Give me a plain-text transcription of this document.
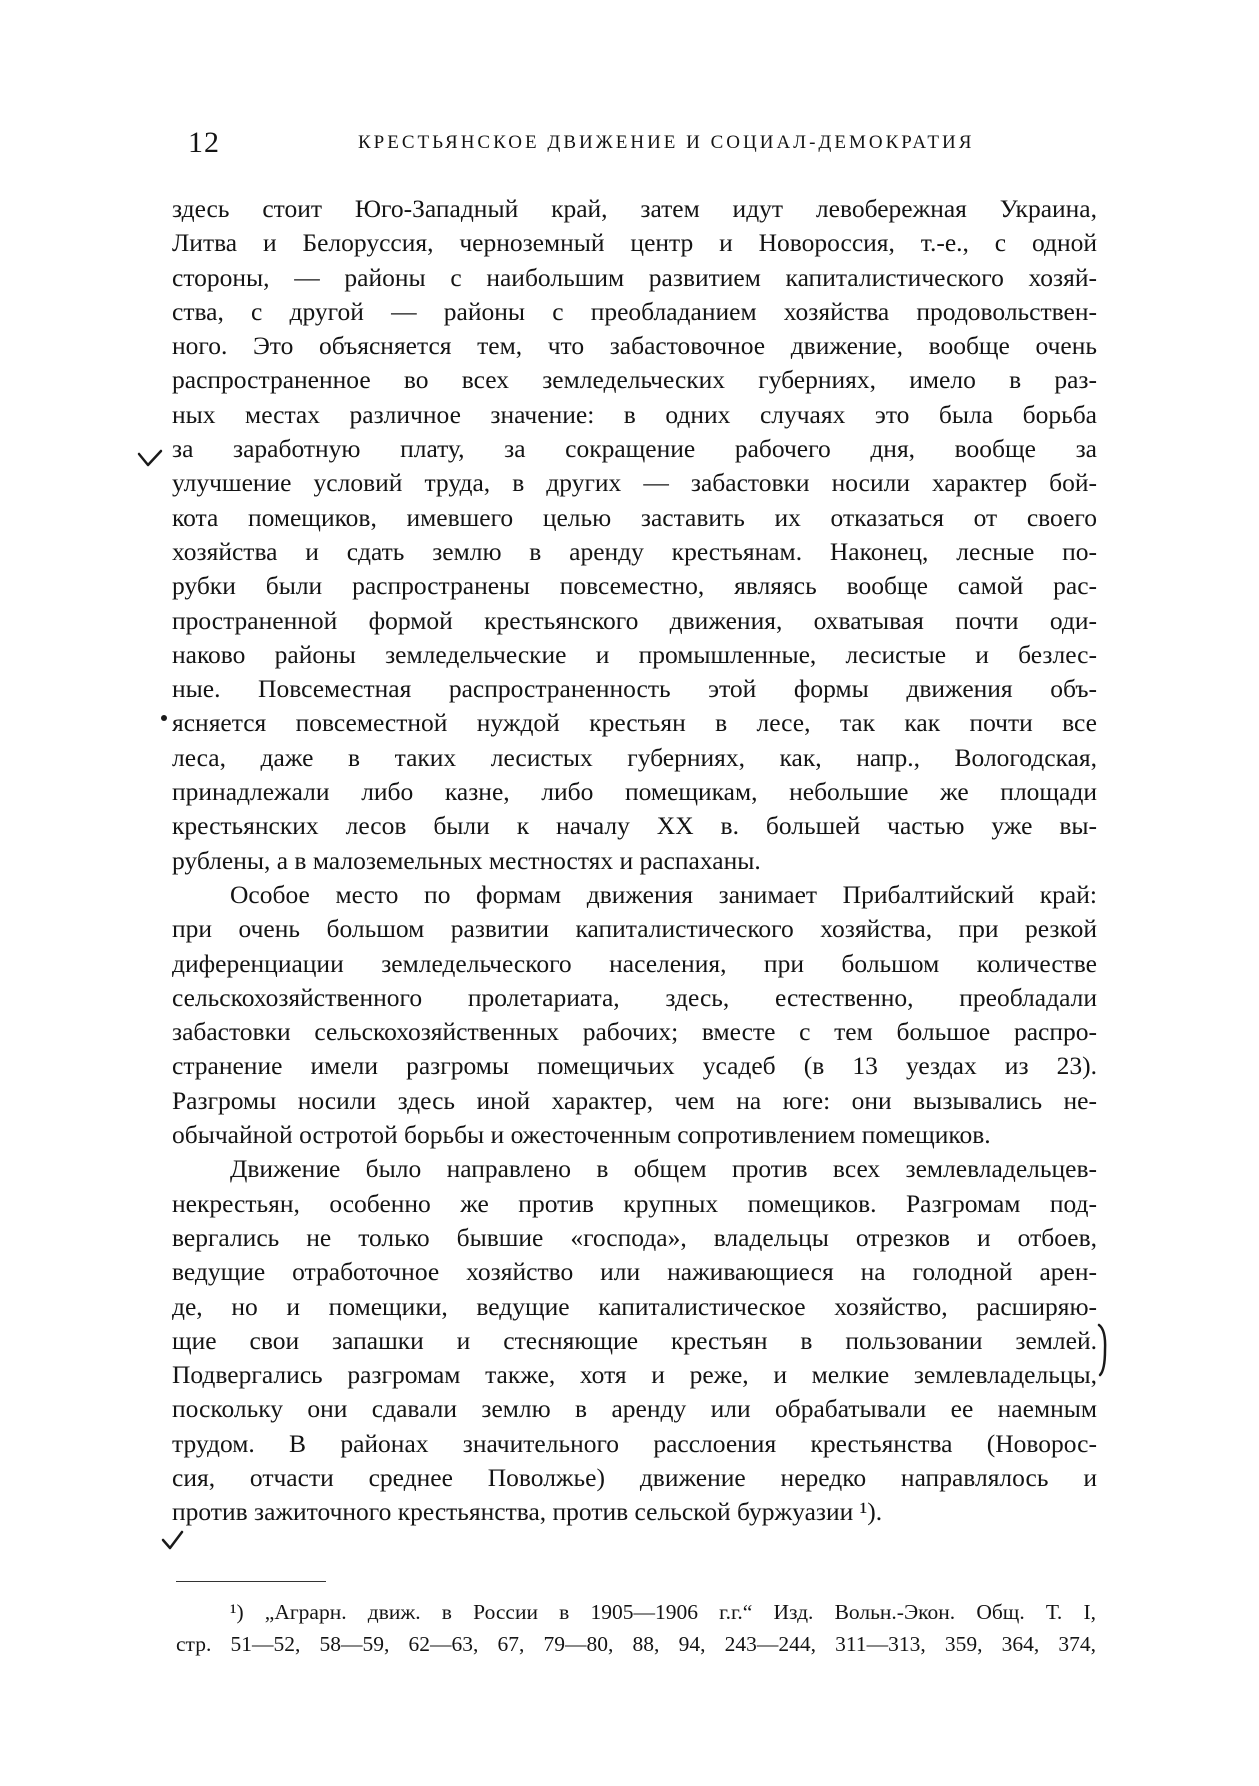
12	КРЕСТЬЯНСКОЕ ДВИЖЕНИЕ И СОЦИАЛ-ДЕМОКРАТИЯ
здесь стоит Юго-Западный край, затем идут левобережная Украина,
Литва и Белоруссия, черноземный центр и Новороссия, т.-е., с одной
стороны, — районы с наибольшим развитием капиталистического хозяй-
ства, с другой — районы с преобладанием хозяйства продовольствен-
ного. Это объясняется тем, что забастовочное движение, вообще очень
распространенное во всех земледельческих губерниях, имело в раз-
ных местах различное значение: в одних случаях это была борьба
за заработную плату, за сокращение рабочего дня, вообще за
улучшение условий труда, в других — забастовки носили характер бой-
кота помещиков, имевшего целью заставить их отказаться от своего
хозяйства и сдать землю в аренду крестьянам. Наконец, лесные по-
рубки были распространены повсеместно, являясь вообще самой рас-
пространенной формой крестьянского движения, охватывая почти оди-
наково районы земледельческие и промышленные, лесистые и безлес-
ные. Повсеместная распространенность этой формы движения объ-
ясняется повсеместной нуждой крестьян в лесе, так как почти все
леса, даже в таких лесистых губерниях, как, напр., Вологодская,
принадлежали либо казне, либо помещикам, небольшие же площади
крестьянских лесов были к началу XX в. большей частью уже вы-
рублены, а в малоземельных местностях и распаханы.
Особое место по формам движения занимает Прибалтийский край:
при очень большом развитии капиталистического хозяйства, при резкой
диференциации земледельческого населения, при большом количестве
сельскохозяйственного пролетариата, здесь, естественно, преобладали
забастовки сельскохозяйственных рабочих; вместе с тем большое распро-
странение имели разгромы помещичьих усадеб (в 13 уездах из 23).
Разгромы носили здесь иной характер, чем на юге: они вызывались не-
обычайной остротой борьбы и ожесточенным сопротивлением помещиков.
Движение было направлено в общем против всех землевладельцев-
некрестьян, особенно же против крупных помещиков. Разгромам под-
вергались не только бывшие «господа», владельцы отрезков и отбоев,
ведущие отработочное хозяйство или наживающиеся на голодной арен-
де, но и помещики, ведущие капиталистическое хозяйство, расширяю-
щие свои запашки и стесняющие крестьян в пользовании землей.
Подвергались разгромам также, хотя и реже, и мелкие землевладельцы,
поскольку они сдавали землю в аренду или обрабатывали ее наемным
трудом. В районах значительного расслоения крестьянства (Новорос-
сия, отчасти среднее Поволжье) движение нередко направлялось и
против зажиточного крестьянства, против сельской буржуазии ¹).
¹) „Аграрн. движ. в России в 1905—1906 г.г.“ Изд. Вольн.-Экон. Общ. Т. I,
стр. 51—52, 58—59, 62—63, 67, 79—80, 88, 94, 243—244, 311—313, 359, 364, 374,
